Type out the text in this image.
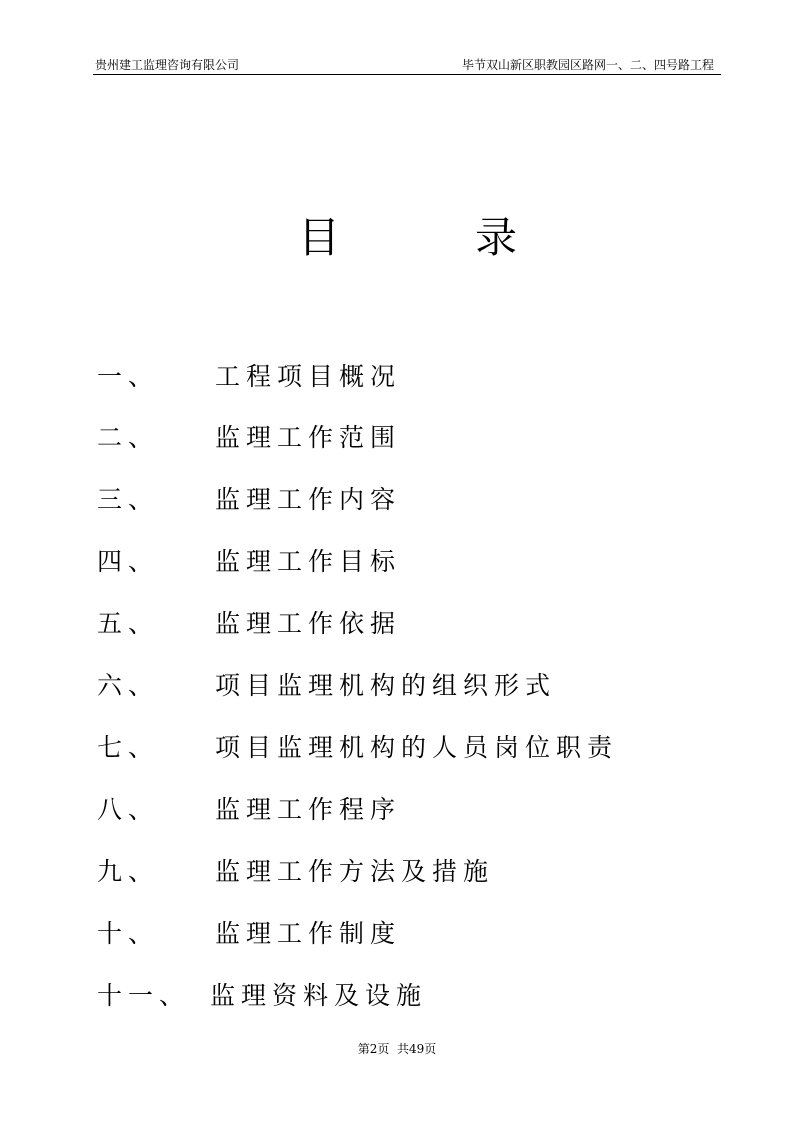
贵州建工监理咨询有限公司	毕节双山新区职教园区路网一、二、四号路工程
目	录
一、 工程项目概况
二、 监理工作范围
三、 监理工作内容
四、 监理工作目标
五、 监理工作依据
六、 项目监理机构的组织形式
七、 项目监理机构的人员岗位职责
八、 监理工作程序
九、 监理工作方法及措施
十、 监理工作制度
十一、 监理资料及设施
第2页  共49页
